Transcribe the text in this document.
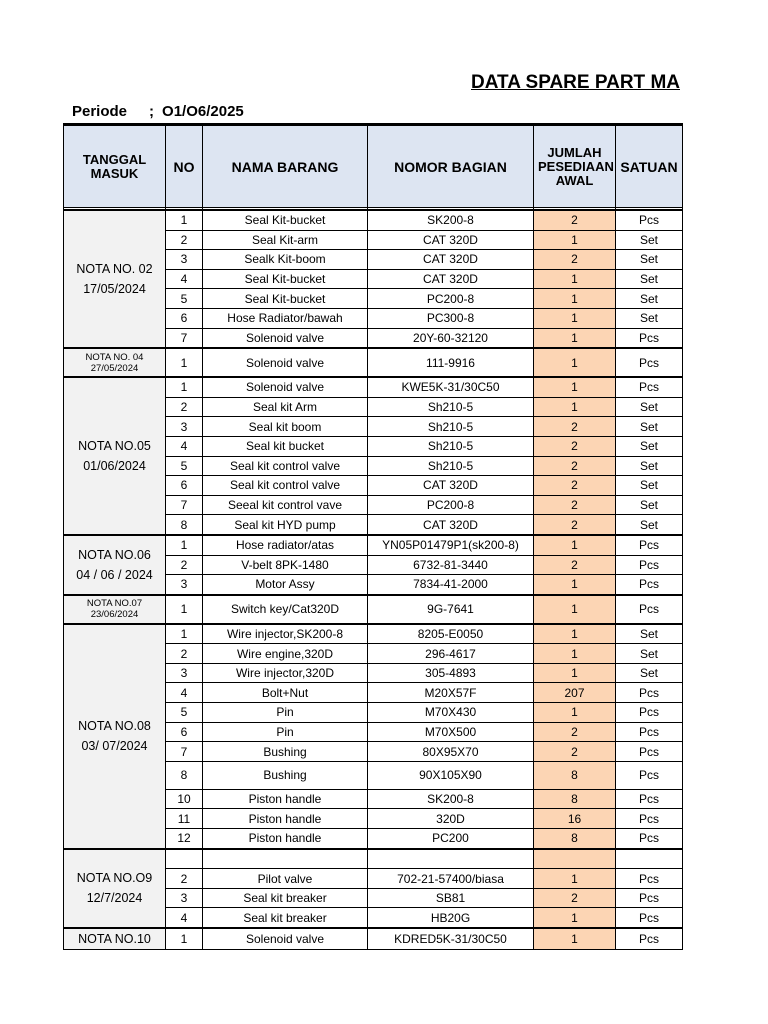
DATA SPARE PART MA
Periode ; O1/O6/2025
TANGGAL MASUK	NO	NAMA BARANG	NOMOR BAGIAN	JUMLAH PESEDIAAN AWAL	SATUAN

NOTA NO. 02
17/05/2024	1	Seal Kit-bucket	SK200-8	2	Pcs
	2	Seal Kit-arm	CAT 320D	1	Set
	3	Sealk Kit-boom	CAT 320D	2	Set
	4	Seal Kit-bucket	CAT 320D	1	Set
	5	Seal Kit-bucket	PC200-8	1	Set
	6	Hose Radiator/bawah	PC300-8	1	Set
	7	Solenoid valve	20Y-60-32120	1	Pcs

NOTA NO. 04
27/05/2024	1	Solenoid valve	111-9916	1	Pcs

NOTA NO.05
01/06/2024	1	Solenoid valve	KWE5K-31/30C50	1	Pcs
	2	Seal kit Arm	Sh210-5	1	Set
	3	Seal kit boom	Sh210-5	2	Set
	4	Seal kit bucket	Sh210-5	2	Set
	5	Seal kit control valve	Sh210-5	2	Set
	6	Seal kit control valve	CAT 320D	2	Set
	7	Seeal kit control vave	PC200-8	2	Set
	8	Seal kit HYD pump	CAT 320D	2	Set

NOTA NO.06
04 / 06 / 2024	1	Hose radiator/atas	YN05P01479P1(sk200-8)	1	Pcs
	2	V-belt 8PK-1480	6732-81-3440	2	Pcs
	3	Motor Assy	7834-41-2000	1	Pcs

NOTA NO.07
23/06/2024	1	Switch key/Cat320D	9G-7641	1	Pcs

NOTA NO.08
03/ 07/2024	1	Wire injector,SK200-8	8205-E0050	1	Set
	2	Wire engine,320D	296-4617	1	Set
	3	Wire injector,320D	305-4893	1	Set
	4	Bolt+Nut	M20X57F	207	Pcs
	5	Pin	M70X430	1	Pcs
	6	Pin	M70X500	2	Pcs
	7	Bushing	80X95X70	2	Pcs
	8	Bushing	90X105X90	8	Pcs
	10	Piston handle	SK200-8	8	Pcs
	11	Piston handle	320D	16	Pcs
	12	Piston handle	PC200	8	Pcs

NOTA NO.O9
12/7/2024					

	2	Pilot valve	702-21-57400/biasa	1	Pcs
	3	Seal kit breaker	SB81	2	Pcs
	4	Seal kit breaker	HB20G	1	Pcs

NOTA NO.10	1	Solenoid valve	KDRED5K-31/30C50	1	Pcs
